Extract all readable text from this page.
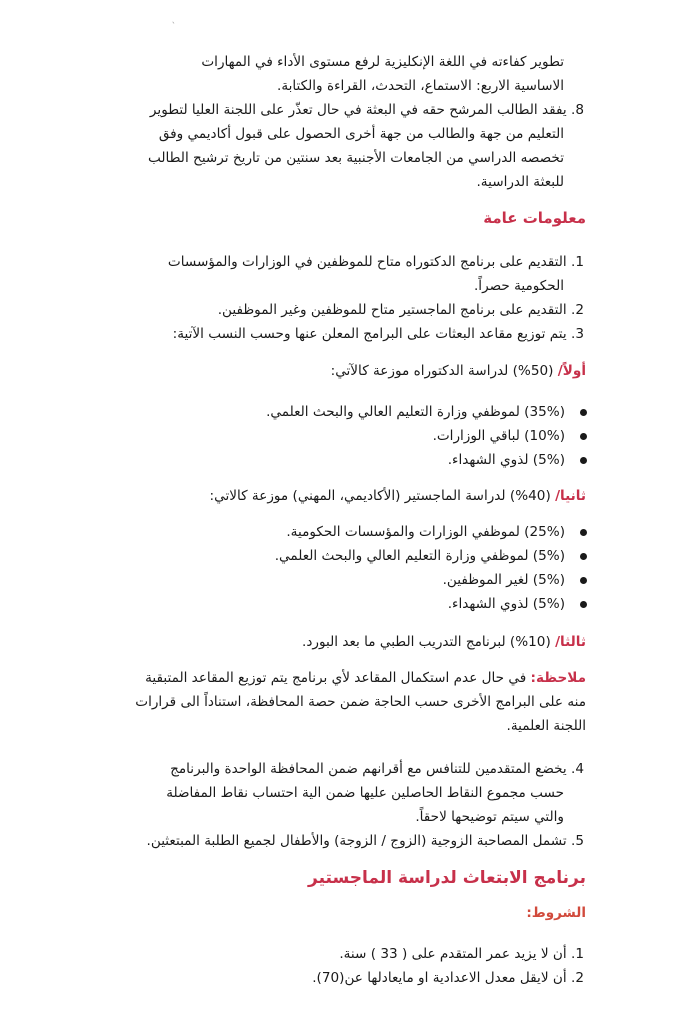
ˋ
تطوير كفاءته في اللغة الإنكليزية لرفع مستوى الأداء في المهارات
الاساسية الاربع: الاستماع، التحدث، القراءة والكتابة.
8. يفقد الطالب المرشح حقه في البعثة في حال تعذّر على اللجنة العليا لتطوير
التعليم من جهة والطالب من جهة أخرى الحصول على قبول أكاديمي وفق
تخصصه الدراسي من الجامعات الأجنبية بعد سنتين من تاريخ ترشيح الطالب
للبعثة الدراسية.
معلومات عامة
1. التقديم على برنامج الدكتوراه متاح للموظفين في الوزارات والمؤسسات
الحكومية حصراً.
2. التقديم على برنامج الماجستير متاح للموظفين وغير الموظفين.
3. يتم توزيع مقاعد البعثات على البرامج المعلن عنها وحسب النسب الآتية:
أولاً/ (50%) لدراسة الدكتوراه موزعة كالآتي:
(35%) لموظفي وزارة التعليم العالي والبحث العلمي.
(10%) لباقي الوزارات.
(5%) لذوي الشهداء.
ثانيا/ (40%) لدراسة الماجستير (الأكاديمي، المهني) موزعة كالاتي:
(25%) لموظفي الوزارات والمؤسسات الحكومية.
(5%) لموظفي وزارة التعليم العالي والبحث العلمي.
(5%) لغير الموظفين.
(5%) لذوي الشهداء.
ثالثا/ (10%) لبرنامج التدريب الطبي ما بعد البورد.
ملاحظة: في حال عدم استكمال المقاعد لأي برنامج يتم توزيع المقاعد المتبقية
منه على البرامج الأخرى حسب الحاجة ضمن حصة المحافظة، استناداً الى قرارات
اللجنة العلمية.
4. يخضع المتقدمين للتنافس مع أقرانهم ضمن المحافظة الواحدة والبرنامج
حسب مجموع النقاط الحاصلين عليها ضمن الية احتساب نقاط المفاضلة
والتي سيتم توضيحها لاحقاً.
5. تشمل المصاحبة الزوجية (الزوج / الزوجة) والأطفال لجميع الطلبة المبتعثين.
برنامج الابتعاث لدراسة الماجستير
الشروط:
1. أن لا يزيد عمر المتقدم على ( 33 ) سنة.
2. أن لايقل معدل الاعدادية او مايعادلها عن(70).
